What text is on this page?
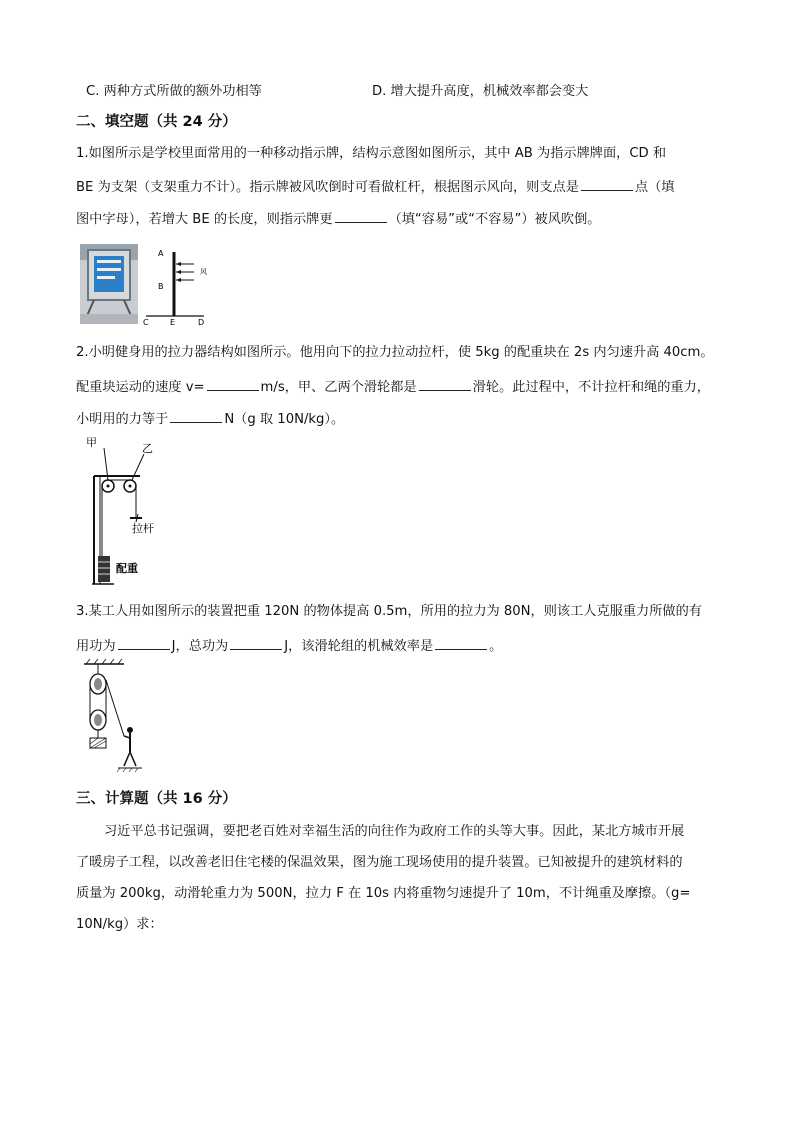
C. 两种方式所做的额外功相等	D. 增大提升高度，机械效率都会变大
二、填空题（共 24 分）
1.如图所示是学校里面常用的一种移动指示牌，结构示意图如图所示，其中 AB 为指示牌牌面，CD 和
BE 为支架（支架重力不计）。指示牌被风吹倒时可看做杠杆，根据图示风向，则支点是	点（填
图中字母），若增大 BE 的长度，则指示牌更	（填“容易”或“不容易”）被风吹倒。
A
B
C	E	D
风
2.小明健身用的拉力器结构如图所示。他用向下的拉力拉动拉杆，使 5kg 的配重块在 2s 内匀速升高 40cm。
配重块运动的速度 v=	m/s，甲、乙两个滑轮都是	滑轮。此过程中，不计拉杆和绳的重力，
小明用的力等于	N（g 取 10N/kg）。
甲	乙
拉杆
配重
3.某工人用如图所示的装置把重 120N 的物体提高 0.5m，所用的拉力为 80N，则该工人克服重力所做的有
用功为	J，总功为	J，该滑轮组的机械效率是	。
三、计算题（共 16 分）
习近平总书记强调，要把老百姓对幸福生活的向往作为政府工作的头等大事。因此，某北方城市开展
了暖房子工程，以改善老旧住宅楼的保温效果，图为施工现场使用的提升装置。已知被提升的建筑材料的
质量为 200kg，动滑轮重力为 500N，拉力 F 在 10s 内将重物匀速提升了 10m，不计绳重及摩擦。（g=
10N/kg）求：
